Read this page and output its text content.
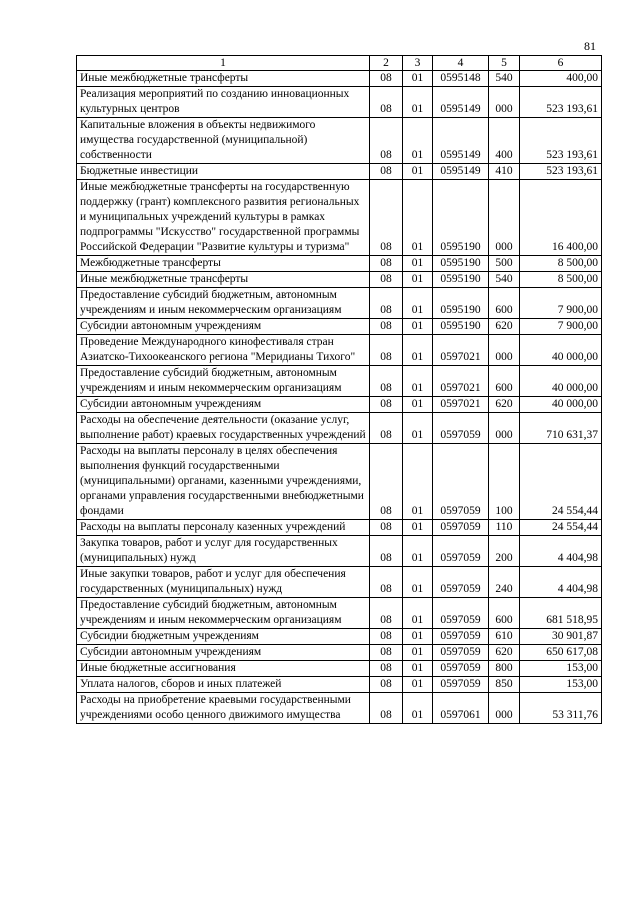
81
1	2	3	4	5	6
Иные межбюджетные трансферты	08	01	0595148	540	400,00
Реализация мероприятий по созданию инновационных культурных центров	08	01	0595149	000	523 193,61
Капитальные вложения в объекты недвижимого имущества государственной (муниципальной) собственности	08	01	0595149	400	523 193,61
Бюджетные инвестиции	08	01	0595149	410	523 193,61
Иные межбюджетные трансферты на государственную поддержку (грант) комплексного развития региональных и муниципальных учреждений культуры в рамках подпрограммы "Искусство" государственной программы Российской Федерации "Развитие культуры и туризма"	08	01	0595190	000	16 400,00
Межбюджетные трансферты	08	01	0595190	500	8 500,00
Иные межбюджетные трансферты	08	01	0595190	540	8 500,00
Предоставление субсидий бюджетным, автономным учреждениям и иным некоммерческим организациям	08	01	0595190	600	7 900,00
Субсидии автономным учреждениям	08	01	0595190	620	7 900,00
Проведение Международного кинофестиваля стран Азиатско-Тихоокеанского региона "Меридианы Тихого"	08	01	0597021	000	40 000,00
Предоставление субсидий бюджетным, автономным учреждениям и иным некоммерческим организациям	08	01	0597021	600	40 000,00
Субсидии автономным учреждениям	08	01	0597021	620	40 000,00
Расходы на обеспечение деятельности (оказание услуг, выполнение работ) краевых государственных учреждений	08	01	0597059	000	710 631,37
Расходы на выплаты персоналу в целях обеспечения выполнения функций государственными (муниципальными) органами, казенными учреждениями, органами управления государственными внебюджетными фондами	08	01	0597059	100	24 554,44
Расходы на выплаты персоналу казенных учреждений	08	01	0597059	110	24 554,44
Закупка товаров, работ и услуг для государственных (муниципальных) нужд	08	01	0597059	200	4 404,98
Иные закупки товаров, работ и услуг для обеспечения государственных (муниципальных) нужд	08	01	0597059	240	4 404,98
Предоставление субсидий бюджетным, автономным учреждениям и иным некоммерческим организациям	08	01	0597059	600	681 518,95
Субсидии бюджетным учреждениям	08	01	0597059	610	30 901,87
Субсидии автономным учреждениям	08	01	0597059	620	650 617,08
Иные бюджетные ассигнования	08	01	0597059	800	153,00
Уплата налогов, сборов и иных платежей	08	01	0597059	850	153,00
Расходы на приобретение краевыми государственными учреждениями особо ценного движимого имущества	08	01	0597061	000	53 311,76
